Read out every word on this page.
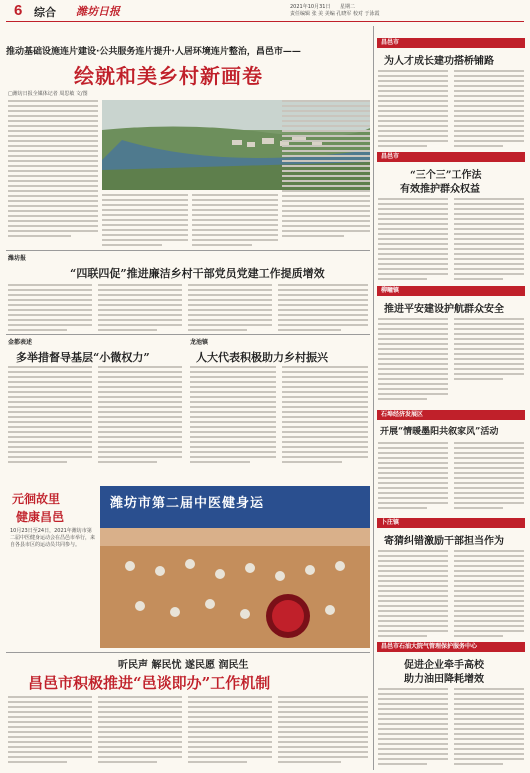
6 综合 潍坊日报	2021年10月31日 星期二
责任编辑 张 美 美编 孔晓军 校对 于泳霞
推动基础设施连片建设·公共服务连片提升·人居环境连片整治，昌邑市——
绘就和美乡村新画卷
□潍坊日报全媒体记者 周思敏 文/图
潍坊报
“四联四促”推进廉洁乡村干部党员党建工作提质增效
金都表述
多举措督导基层“小微权力”
龙池镇
人大代表积极助力乡村振兴
元徊故里
健康昌邑
10月23日至24日，2021年潍坊市第二届中医健身运动会在昌邑市举行，来自各县市区的运动员共同参与。
潍坊市第二届中医健身运
听民声 解民忧 遂民愿 润民生
昌邑市积极推进“邑谈即办”工作机制
昌邑市
为人才成长建功搭桥铺路
昌邑市
“三个三”工作法
有效推护群众权益
柳疃镇
推进平安建设护航群众安全
石埠经济发展区
开展“情暖墨阳共叙家风”活动
卜庄镇
寄猜纠错激励干部担当作为
昌邑市石油大院气管理保护服务中心
促进企业牵手高校
助力油田降耗增效
